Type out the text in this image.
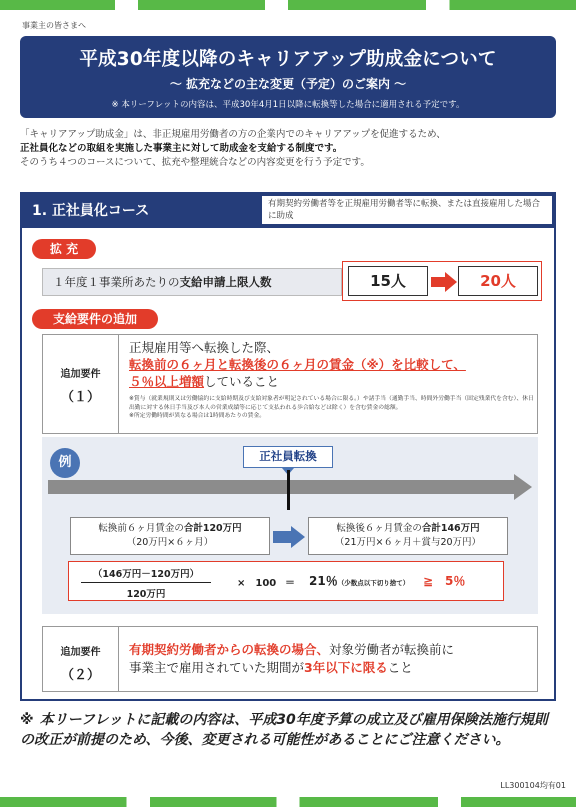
事業主の皆さまへ
平成30年度以降のキャリアアップ助成金について
～ 拡充などの主な変更（予定）のご案内 ～
※ 本リーフレットの内容は、平成30年4月1日以降に転換等した場合に適用される予定です。
「キャリアアップ助成金」は、非正規雇用労働者の方の企業内でのキャリアアップを促進するため、
正社員化などの取組を実施した事業主に対して助成金を支給する制度です。
そのうち４つのコースについて、拡充や整理統合などの内容変更を行う予定です。
1. 正社員化コース	有期契約労働者等を正規雇用労働者等に転換、または直接雇用した場合に助成
拡 充
１年度１事業所あたりの支給申請上限人数	15人	20人
支給要件の追加
追加要件
（１）
正規雇用等へ転換した際、
転換前の６ヶ月と転換後の６ヶ月の賃金（※）を比較して、
５％以上増額していること
※賞与（就業規則又は労働協約に支給時期及び支給対象者が明記されている場合に限る。）や諸手当（通勤手当、時間外労働手当（固定残業代を含む）、休日出勤に対する休日手当及び本人の営業成績等に応じて支払われる歩合給などは除く）を含む賃金の総額。
※所定労働時間が異なる場合は1時間あたりの賃金。
例	正社員転換
転換前６ヶ月賃金の合計120万円
（20万円×６ヶ月）
転換後６ヶ月賃金の合計146万円
（21万円×６ヶ月＋賞与20万円）
（146万円－120万円）
120万円
×　100 ＝ 21％（少数点以下切り捨て） ≧　5％
追加要件
（２）
有期契約労働者からの転換の場合、対象労働者が転換前に
事業主で雇用されていた期間が3年以下に限ること
※ 本リーフレットに記載の内容は、平成30年度予算の成立及び雇用保険法施行規則の改正が前提のため、今後、変更される可能性があることにご注意ください。
LL300104均有01
